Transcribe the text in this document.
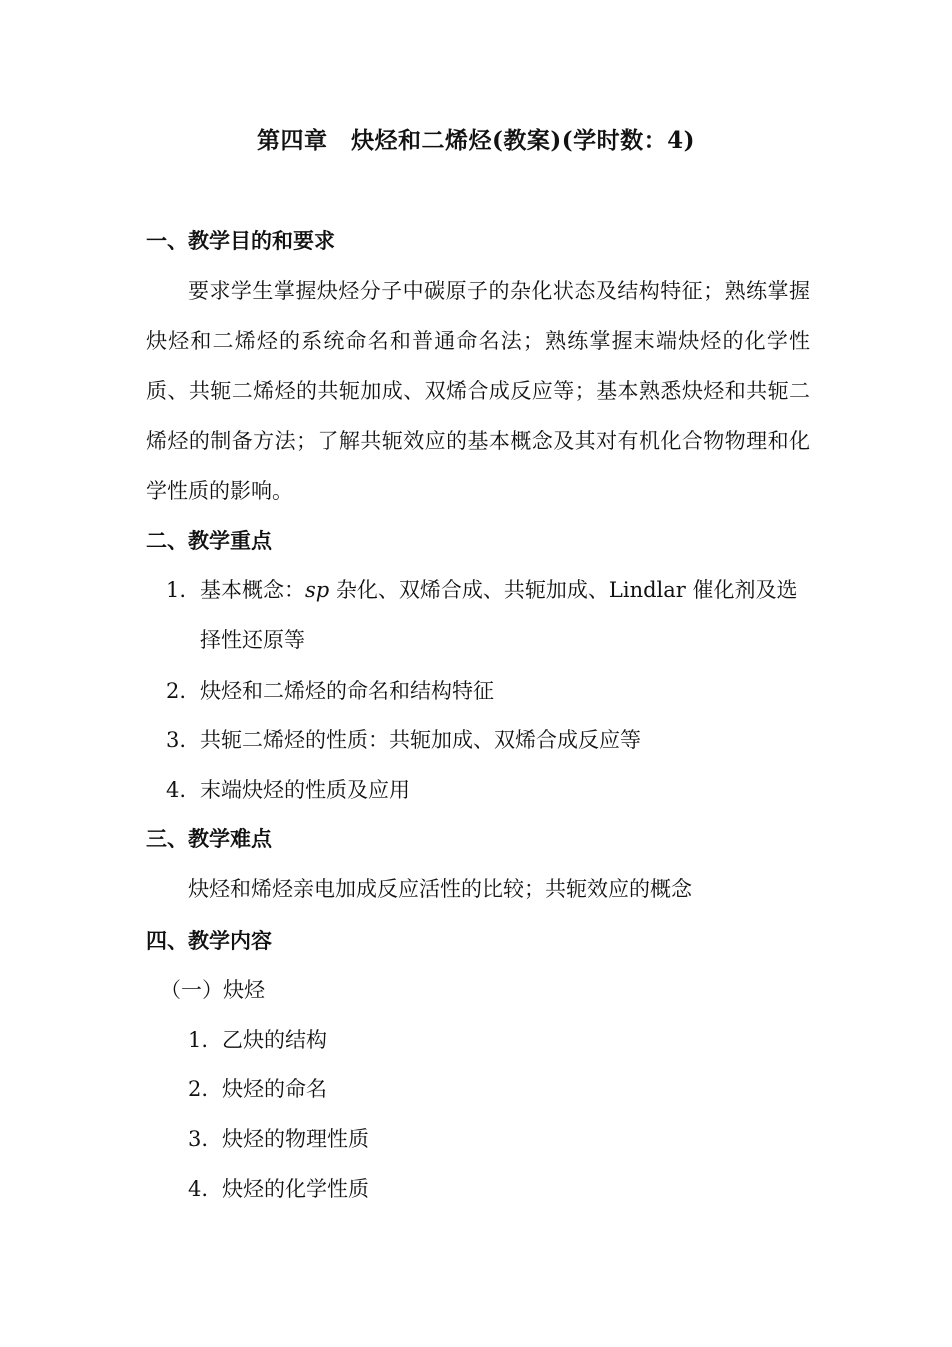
第四章　炔烃和二烯烃(教案)(学时数：4)
一、教学目的和要求
要求学生掌握炔烃分子中碳原子的杂化状态及结构特征；熟练掌握炔烃和二烯烃的系统命名和普通命名法；熟练掌握末端炔烃的化学性质、共轭二烯烃的共轭加成、双烯合成反应等；基本熟悉炔烃和共轭二烯烃的制备方法；了解共轭效应的基本概念及其对有机化合物物理和化学性质的影响。
二、教学重点
1. 基本概念：sp 杂化、双烯合成、共轭加成、Lindlar 催化剂及选
择性还原等
2. 炔烃和二烯烃的命名和结构特征
3. 共轭二烯烃的性质：共轭加成、双烯合成反应等
4. 末端炔烃的性质及应用
三、教学难点
炔烃和烯烃亲电加成反应活性的比较；共轭效应的概念
四、教学内容
（一）炔烃
1. 乙炔的结构
2. 炔烃的命名
3. 炔烃的物理性质
4. 炔烃的化学性质
